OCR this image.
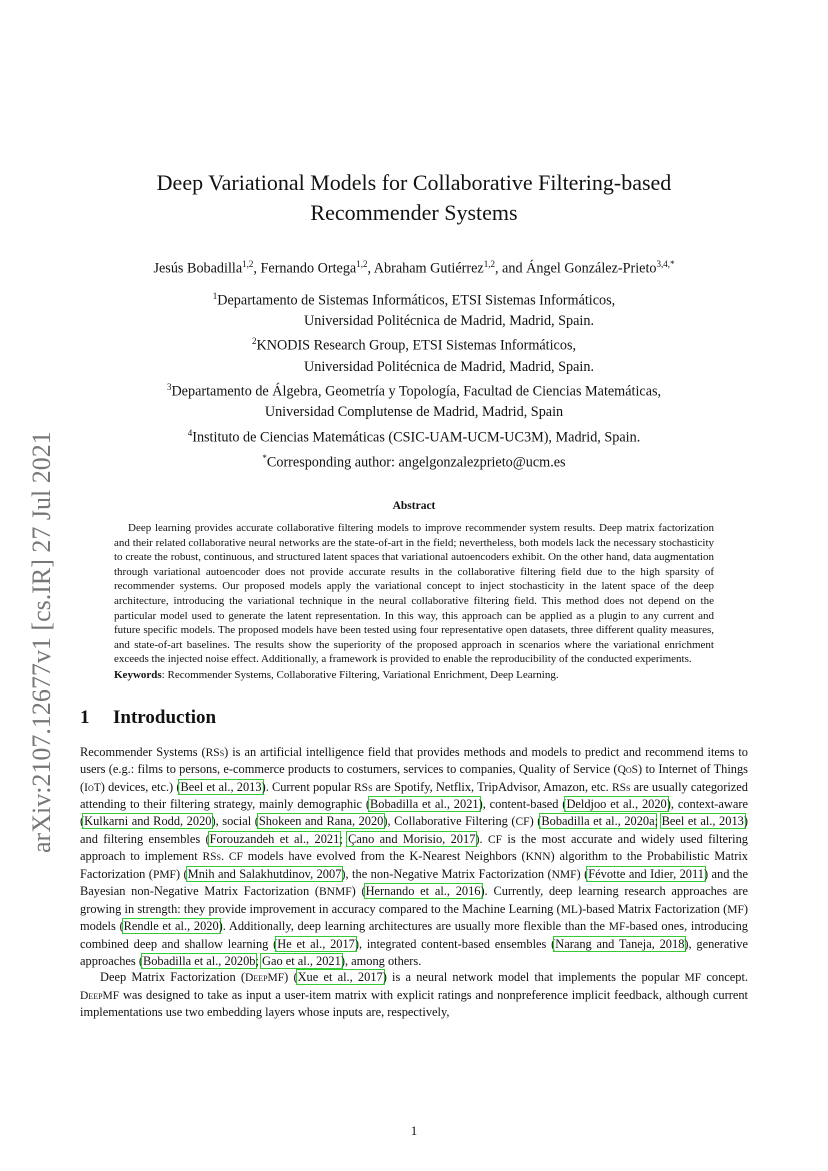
arXiv:2107.12677v1 [cs.IR] 27 Jul 2021
Deep Variational Models for Collaborative Filtering-based
Recommender Systems
Jesús Bobadilla$^{1,2}$, Fernando Ortega$^{1,2}$, Abraham Gutiérrez$^{1,2}$, and Ángel González-Prieto$^{3,4,*}$
$^1$Departamento de Sistemas Informáticos, ETSI Sistemas Informáticos,
Universidad Politécnica de Madrid, Madrid, Spain.
$^2$KNODIS Research Group, ETSI Sistemas Informáticos,
Universidad Politécnica de Madrid, Madrid, Spain.
$^3$Departamento de Álgebra, Geometría y Topología, Facultad de Ciencias Matemáticas,
Universidad Complutense de Madrid, Madrid, Spain
$^4$Instituto de Ciencias Matemáticas (CSIC-UAM-UCM-UC3M), Madrid, Spain.
*Corresponding author: angelgonzalezprieto@ucm.es
Abstract

Deep learning provides accurate collaborative filtering models to improve recommender system results. Deep matrix factorization and their related collaborative neural networks are the state-of-art in the field; nevertheless, both models lack the necessary stochasticity to create the robust, continuous, and structured latent spaces that variational autoencoders exhibit. On the other hand, data augmentation through variational autoencoder does not provide accurate results in the collaborative filtering field due to the high sparsity of recommender systems. Our proposed models apply the variational concept to inject stochasticity in the latent space of the deep architecture, introducing the variational technique in the neural collaborative filtering field. This method does not depend on the particular model used to generate the latent representation. In this way, this approach can be applied as a plugin to any current and future specific models. The proposed models have been tested using four representative open datasets, three different quality measures, and state-of-art baselines. The results show the superiority of the proposed approach in scenarios where the variational enrichment exceeds the injected noise effect. Additionally, a framework is provided to enable the reproducibility of the conducted experiments.

Keywords: Recommender Systems, Collaborative Filtering, Variational Enrichment, Deep Learning.
1 Introduction

Recommender Systems (RSs) is an artificial intelligence field that provides methods and models to predict and recommend items to users (e.g.: films to persons, e-commerce products to costumers, services to companies, Quality of Service (QoS) to Internet of Things (IoT) devices, etc.) (Beel et al., 2013). Current popular RSs are Spotify, Netflix, TripAdvisor, Amazon, etc. RSs are usually categorized attending to their filtering strategy, mainly demographic (Bobadilla et al., 2021), content-based (Deldjoo et al., 2020), context-aware (Kulkarni and Rodd, 2020), social (Shokeen and Rana, 2020), Collaborative Filtering (CF) (Bobadilla et al., 2020a; Beel et al., 2013) and filtering ensembles (Forouzandeh et al., 2021; Çano and Morisio, 2017). CF is the most accurate and widely used filtering approach to implement RSs. CF models have evolved from the K-Nearest Neighbors (KNN) algorithm to the Probabilistic Matrix Factorization (PMF) (Mnih and Salakhutdinov, 2007), the non-Negative Matrix Factorization (NMF) (Févotte and Idier, 2011) and the Bayesian non-Negative Matrix Factorization (BNMF) (Hernando et al., 2016). Currently, deep learning research approaches are growing in strength: they provide improvement in accuracy compared to the Machine Learning (ML)-based Matrix Factorization (MF) models (Rendle et al., 2020). Additionally, deep learning architectures are usually more flexible than the MF-based ones, introducing combined deep and shallow learning (He et al., 2017), integrated content-based ensembles (Narang and Taneja, 2018), generative approaches (Bobadilla et al., 2020b; Gao et al., 2021), among others.

Deep Matrix Factorization (DeepMF) (Xue et al., 2017) is a neural network model that implements the popular MF concept. DeepMF was designed to take as input a user-item matrix with explicit ratings and nonpreference implicit feedback, although current implementations use two embedding layers whose inputs are, respectively,

1
